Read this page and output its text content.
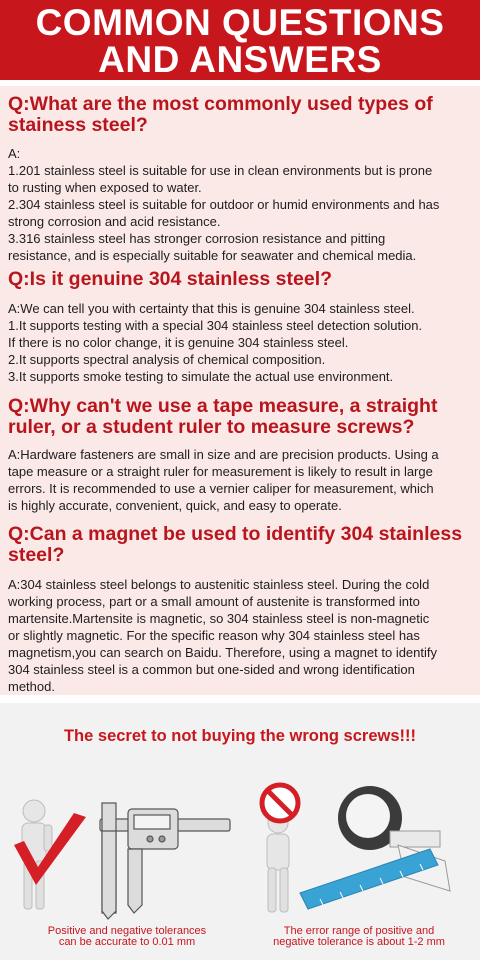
COMMON QUESTIONS
AND ANSWERS
Q:What are the most commonly used types of
stainess steel?
A:
1.201 stainless steel is suitable for use in clean environments but is prone
to rusting when exposed to water.
2.304 stainless steel is suitable for outdoor or humid environments and has
strong corrosion and acid resistance.
3.316 stainless steel has stronger corrosion resistance and pitting
resistance, and is especially suitable for seawater and chemical media.
Q:Is it genuine 304 stainless steel?
A:We can tell you with certainty that this is genuine 304 stainless steel.
1.It supports testing with a special 304 stainless steel detection solution.
If there is no color change, it is genuine 304 stainless steel.
2.It supports spectral analysis of chemical composition.
3.It supports smoke testing to simulate the actual use environment.
Q:Why can't we use a tape measure, a straight
ruler, or a student ruler to measure screws?
A:Hardware fasteners are small in size and are precision products. Using a
tape measure or a straight ruler for measurement is likely to result in large
errors. It is recommended to use a vernier caliper for measurement, which
is highly accurate, convenient, quick, and easy to operate.
Q:Can a magnet be used to identify 304 stainless
steel?
A:304 stainless steel belongs to austenitic stainless steel. During the cold
working process, part or a small amount of austenite is transformed into
martensite.Martensite is magnetic, so 304 stainless steel is non-magnetic
or slightly magnetic. For the specific reason why 304 stainless steel has
magnetism,you can search on Baidu. Therefore, using a magnet to identify
304 stainless steel is a common but one-sided and wrong identification
method.
The secret to not buying the wrong screws!!!
Positive and negative tolerances
can be accurate to 0.01 mm
The error range of positive and
negative tolerance is about 1-2 mm
